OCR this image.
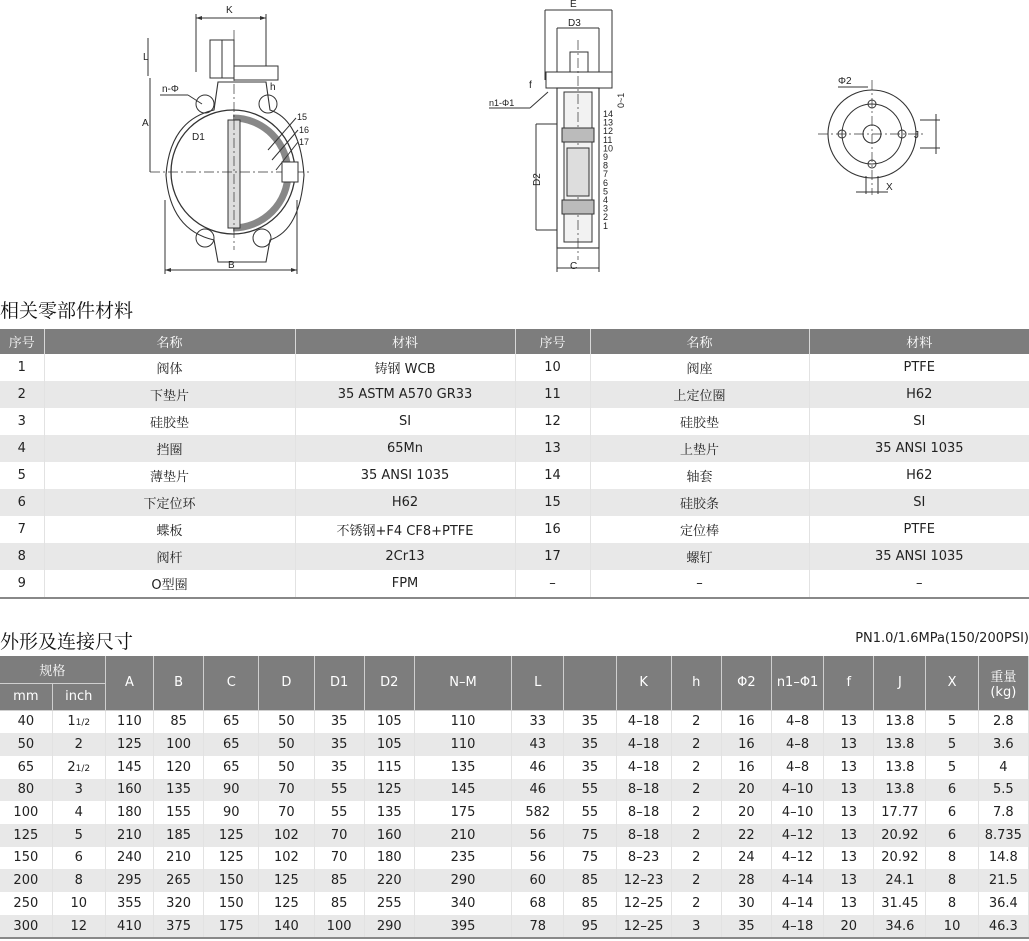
K
L
h
n-Φ
A
D1
B
15
16
17
E
D3
f
n1-Φ1	0~1
D2
C
14
13
12
11
10
9
8
7
6
5
4
3
2
1
Φ2
J
X
相关零部件材料
序号	名称	材料	序号	名称	材料
1	阀体	铸钢 WCB	10	阀座	PTFE
2	下垫片	35 ASTM A570 GR33	11	上定位圈	H62
3	硅胶垫	SI	12	硅胶垫	SI
4	挡圈	65Mn	13	上垫片	35 ANSI 1035
5	薄垫片	35 ANSI 1035	14	轴套	H62
6	下定位环	H62	15	硅胶条	SI
7	蝶板	不锈钢+F4 CF8+PTFE	16	定位棒	PTFE
8	阀杆	2Cr13	17	螺钉	35 ANSI 1035
9	O型圈	FPM	–	–	–
外形及连接尺寸	PN1.0/1.6MPa(150/200PSI)
规格		A	B	C	D	D1	D2	N–M	L		K	h	Φ2	n1–Φ1	f	J	X	重量
(kg)
mm	inch																	
40	11/2	110	85	65	50	35	105	110	33	35	4–18	2	16	4–8	13	13.8	5	2.8
50	2	125	100	65	50	35	105	110	43	35	4–18	2	16	4–8	13	13.8	5	3.6
65	21/2	145	120	65	50	35	115	135	46	35	4–18	2	16	4–8	13	13.8	5	4
80	3	160	135	90	70	55	125	145	46	55	8–18	2	20	4–10	13	13.8	6	5.5
100	4	180	155	90	70	55	135	175	582	55	8–18	2	20	4–10	13	17.77	6	7.8
125	5	210	185	125	102	70	160	210	56	75	8–18	2	22	4–12	13	20.92	6	8.735
150	6	240	210	125	102	70	180	235	56	75	8–23	2	24	4–12	13	20.92	8	14.8
200	8	295	265	150	125	85	220	290	60	85	12–23	2	28	4–14	13	24.1	8	21.5
250	10	355	320	150	125	85	255	340	68	85	12–25	2	30	4–14	13	31.45	8	36.4
300	12	410	375	175	140	100	290	395	78	95	12–25	3	35	4–18	20	34.6	10	46.3
